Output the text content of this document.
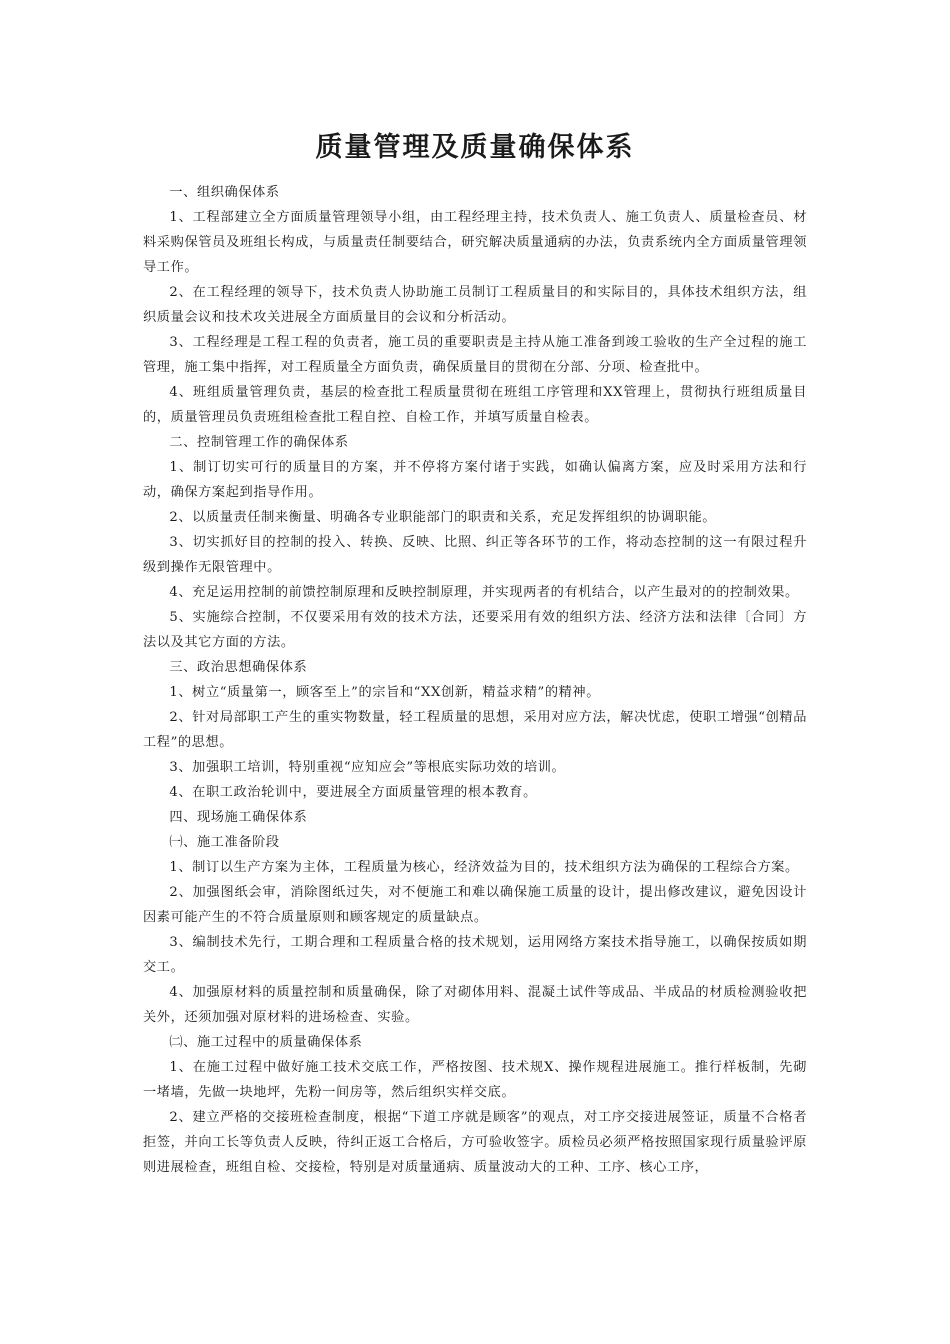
质量管理及质量确保体系

一、组织确保体系

1、工程部建立全方面质量管理领导小组，由工程经理主持，技术负责人、施工负责人、质量检查员、材料采购保管员及班组长构成，与质量责任制要结合，研究解决质量通病的办法，负责系统内全方面质量管理领导工作。

2、在工程经理的领导下，技术负责人协助施工员制订工程质量目的和实际目的，具体技术组织方法，组织质量会议和技术攻关进展全方面质量目的会议和分析活动。

3、工程经理是工程工程的负责者，施工员的重要职责是主持从施工准备到竣工验收的生产全过程的施工管理，施工集中指挥，对工程质量全方面负责，确保质量目的贯彻在分部、分项、检查批中。

4、班组质量管理负责，基层的检查批工程质量贯彻在班组工序管理和XX管理上，贯彻执行班组质量目的，质量管理员负责班组检查批工程自控、自检工作，并填写质量自检表。

二、控制管理工作的确保体系

1、制订切实可行的质量目的方案，并不停将方案付诸于实践，如确认偏离方案，应及时采用方法和行动，确保方案起到指导作用。

2、以质量责任制来衡量、明确各专业职能部门的职责和关系，充足发挥组织的协调职能。

3、切实抓好目的控制的投入、转换、反映、比照、纠正等各环节的工作，将动态控制的这一有限过程升级到操作无限管理中。

4、充足运用控制的前馈控制原理和反映控制原理，并实现两者的有机结合，以产生最对的的控制效果。

5、实施综合控制，不仅要采用有效的技术方法，还要采用有效的组织方法、经济方法和法律〔合同〕方法以及其它方面的方法。

三、政治思想确保体系

1、树立“质量第一，顾客至上”的宗旨和“XX创新，精益求精”的精神。

2、针对局部职工产生的重实物数量，轻工程质量的思想，采用对应方法，解决忧虑，使职工增强“创精品工程”的思想。

3、加强职工培训，特别重视“应知应会”等根底实际功效的培训。

4、在职工政治轮训中，要进展全方面质量管理的根本教育。

四、现场施工确保体系

㈠、施工准备阶段

1、制订以生产方案为主体，工程质量为核心，经济效益为目的，技术组织方法为确保的工程综合方案。

2、加强图纸会审，消除图纸过失，对不便施工和难以确保施工质量的设计，提出修改建议，避免因设计因素可能产生的不符合质量原则和顾客规定的质量缺点。

3、编制技术先行，工期合理和工程质量合格的技术规划，运用网络方案技术指导施工，以确保按质如期交工。

4、加强原材料的质量控制和质量确保，除了对砌体用料、混凝土试件等成品、半成品的材质检测验收把关外，还须加强对原材料的进场检查、实验。

㈡、施工过程中的质量确保体系

1、在施工过程中做好施工技术交底工作，严格按图、技术规X、操作规程进展施工。推行样板制，先砌一堵墙，先做一块地坪，先粉一间房等，然后组织实样交底。

2、建立严格的交接班检查制度，根据“下道工序就是顾客”的观点，对工序交接进展签证，质量不合格者拒签，并向工长等负责人反映，待纠正返工合格后，方可验收签字。质检员必须严格按照国家现行质量验评原则进展检查，班组自检、交接检，特别是对质量通病、质量波动大的工种、工序、核心工序，
